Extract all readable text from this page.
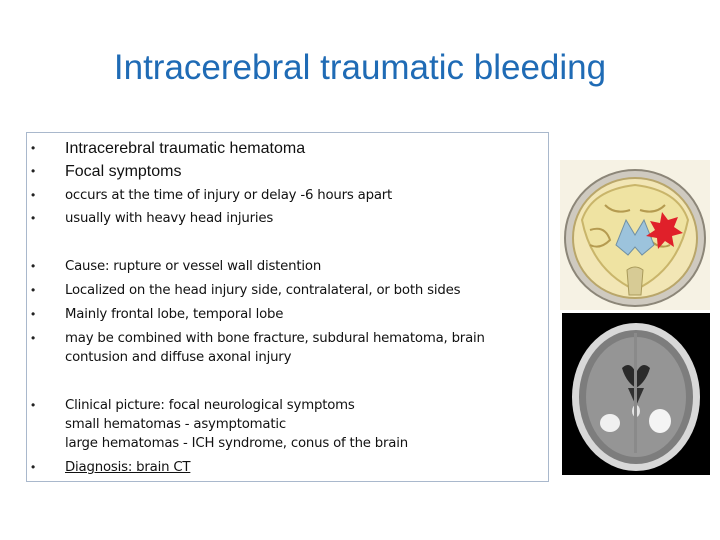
Intracerebral traumatic bleeding
•	Intracerebral traumatic hematoma
•	Focal symptoms
•	occurs at the time of injury or delay -6 hours apart
•	usually with heavy head injuries
•	Cause: rupture or vessel wall distention
•	Localized on the head injury side, contralateral, or both sides
•	Mainly frontal lobe, temporal lobe
•	may be combined with bone fracture, subdural hematoma, brain
contusion and diffuse axonal injury
•	Clinical picture: focal neurological symptoms
small hematomas - asymptomatic
large hematomas - ICH syndrome, conus of the brain
•	Diagnosis: brain CT
